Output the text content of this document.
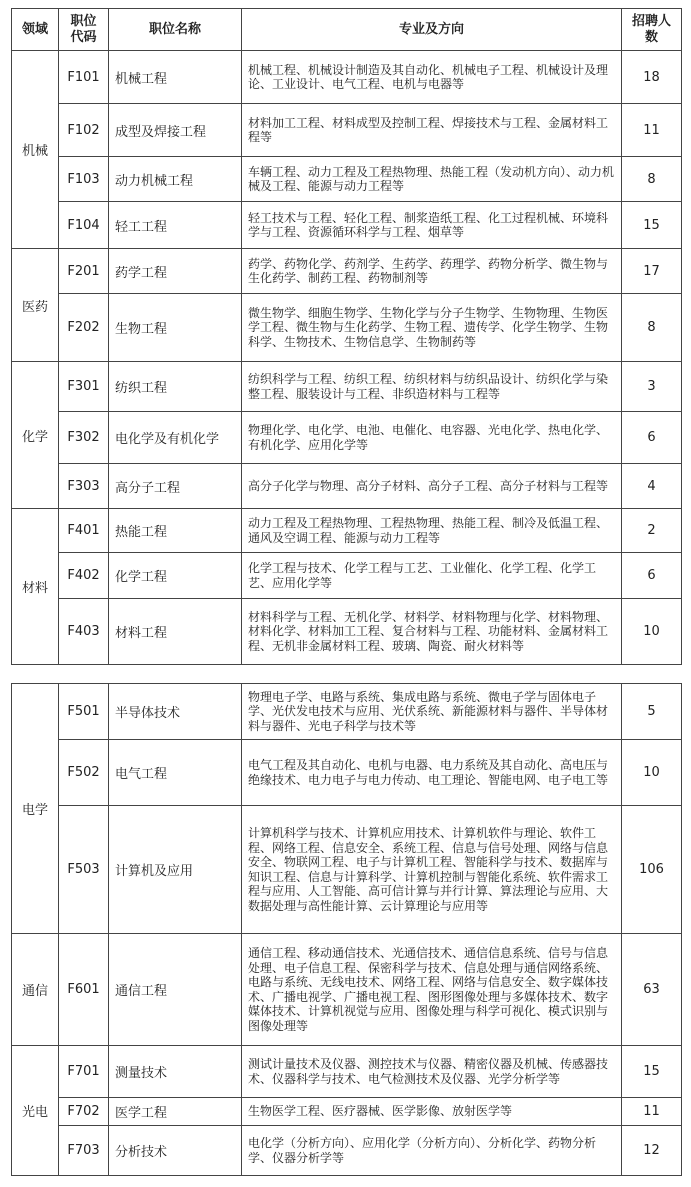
领域	职位代码	职位名称	专业及方向	招聘人数
机械	F101	机械工程	机械工程、机械设计制造及其自动化、机械电子工程、机械设计及理论、工业设计、电气工程、电机与电器等	18
	F102	成型及焊接工程	材料加工工程、材料成型及控制工程、焊接技术与工程、金属材料工程等	11
	F103	动力机械工程	车辆工程、动力工程及工程热物理、热能工程（发动机方向）、动力机械及工程、能源与动力工程等	8
	F104	轻工工程	轻工技术与工程、轻化工程、制浆造纸工程、化工过程机械、环境科学与工程、资源循环科学与工程、烟草等	15
医药	F201	药学工程	药学、药物化学、药剂学、生药学、药理学、药物分析学、微生物与生化药学、制药工程、药物制剂等	17
	F202	生物工程	微生物学、细胞生物学、生物化学与分子生物学、生物物理、生物医学工程、微生物与生化药学、生物工程、遗传学、化学生物学、生物科学、生物技术、生物信息学、生物制药等	8
化学	F301	纺织工程	纺织科学与工程、纺织工程、纺织材料与纺织品设计、纺织化学与染整工程、服装设计与工程、非织造材料与工程等	3
	F302	电化学及有机化学	物理化学、电化学、电池、电催化、电容器、光电化学、热电化学、有机化学、应用化学等	6
	F303	高分子工程	高分子化学与物理、高分子材料、高分子工程、高分子材料与工程等	4
材料	F401	热能工程	动力工程及工程热物理、工程热物理、热能工程、制冷及低温工程、通风及空调工程、能源与动力工程等	2
	F402	化学工程	化学工程与技术、化学工程与工艺、工业催化、化学工程、化学工艺、应用化学等	6
	F403	材料工程	材料科学与工程、无机化学、材料学、材料物理与化学、材料物理、材料化学、材料加工工程、复合材料与工程、功能材料、金属材料工程、无机非金属材料工程、玻璃、陶瓷、耐火材料等	10
电学	F501	半导体技术	物理电子学、电路与系统、集成电路与系统、微电子学与固体电子学、光伏发电技术与应用、光伏系统、新能源材料与器件、半导体材料与器件、光电子科学与技术等	5
	F502	电气工程	电气工程及其自动化、电机与电器、电力系统及其自动化、高电压与绝缘技术、电力电子与电力传动、电工理论、智能电网、电子电工等	10
	F503	计算机及应用	计算机科学与技术、计算机应用技术、计算机软件与理论、软件工程、网络工程、信息安全、系统工程、信息与信号处理、网络与信息安全、物联网工程、电子与计算机工程、智能科学与技术、数据库与知识工程、信息与计算科学、计算机控制与智能化系统、软件需求工程与应用、人工智能、高可信计算与并行计算、算法理论与应用、大数据处理与高性能计算、云计算理论与应用等	106
通信	F601	通信工程	通信工程、移动通信技术、光通信技术、通信信息系统、信号与信息处理、电子信息工程、保密科学与技术、信息处理与通信网络系统、电路与系统、无线电技术、网络工程、网络与信息安全、数字媒体技术、广播电视学、广播电视工程、图形图像处理与多媒体技术、数字媒体技术、计算机视觉与应用、图像处理与科学可视化、模式识别与图像处理等	63
光电	F701	测量技术	测试计量技术及仪器、测控技术与仪器、精密仪器及机械、传感器技术、仪器科学与技术、电气检测技术及仪器、光学分析学等	15
	F702	医学工程	生物医学工程、医疗器械、医学影像、放射医学等	11
	F703	分析技术	电化学（分析方向）、应用化学（分析方向）、分析化学、药物分析学、仪器分析学等	12
